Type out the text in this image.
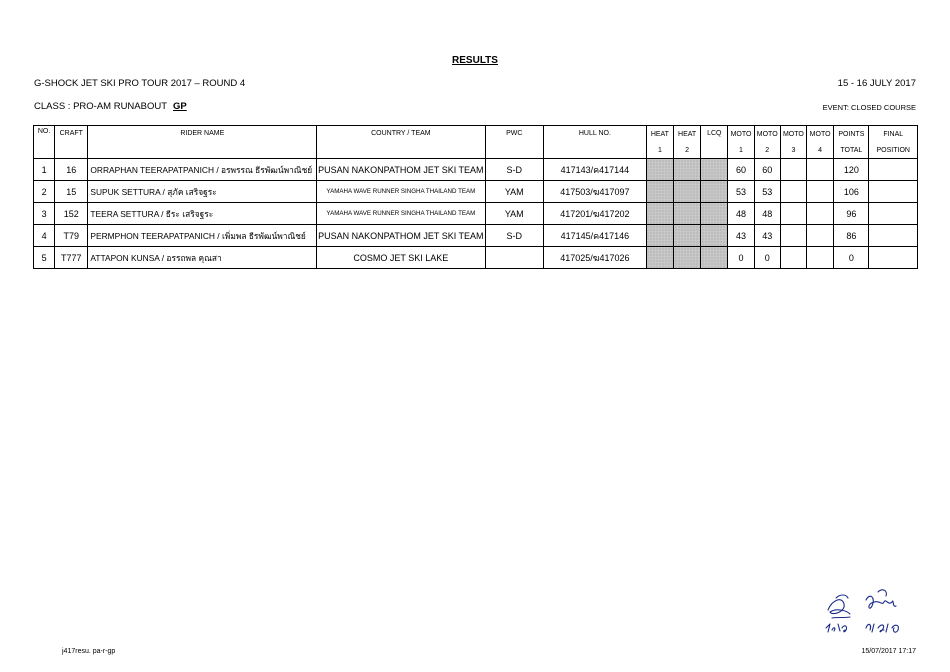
RESULTS
G-SHOCK JET SKI PRO TOUR 2017 – ROUND 4	15 - 16 JULY 2017
CLASS : PRO-AM RUNABOUT GP	EVENT: CLOSED COURSE
NO.	CRAFT	RIDER NAME	COUNTRY / TEAM	PWC	HULL NO.	HEAT	HEAT	LCQ	MOTO	MOTO	MOTO	MOTO	POINTS	FINAL
						1	2		1	2	3	4	TOTAL	POSITION
1	16	ORRAPHAN TEERAPATPANICH / อรพรรณ ธีรพัฒน์พาณิชย์	PUSAN NAKONPATHOM JET SKI TEAM	S-D	417143/ค417144				60	60			120	
2	15	SUPUK SETTURA / สุภัค เสริจฐระ	YAMAHA WAVE RUNNER SINGHA THAILAND TEAM	YAM	417503/ฆ417097				53	53			106	
3	152	TEERA SETTURA / ธีระ เสริจฐระ	YAMAHA WAVE RUNNER SINGHA THAILAND TEAM	YAM	417201/ฆ417202				48	48			96	
4	T79	PERMPHON TEERAPATPANICH / เพิ่มพล ธีรพัฒน์พาณิชย์	PUSAN NAKONPATHOM JET SKI TEAM	S-D	417145/ค417146				43	43			86	
5	T777	ATTAPON KUNSA / อรรถพล คุณสา	COSMO JET SKI LAKE		417025/ฆ417026				0	0			0	
j417resu. pa-r-gp	15/07/2017 17:17
